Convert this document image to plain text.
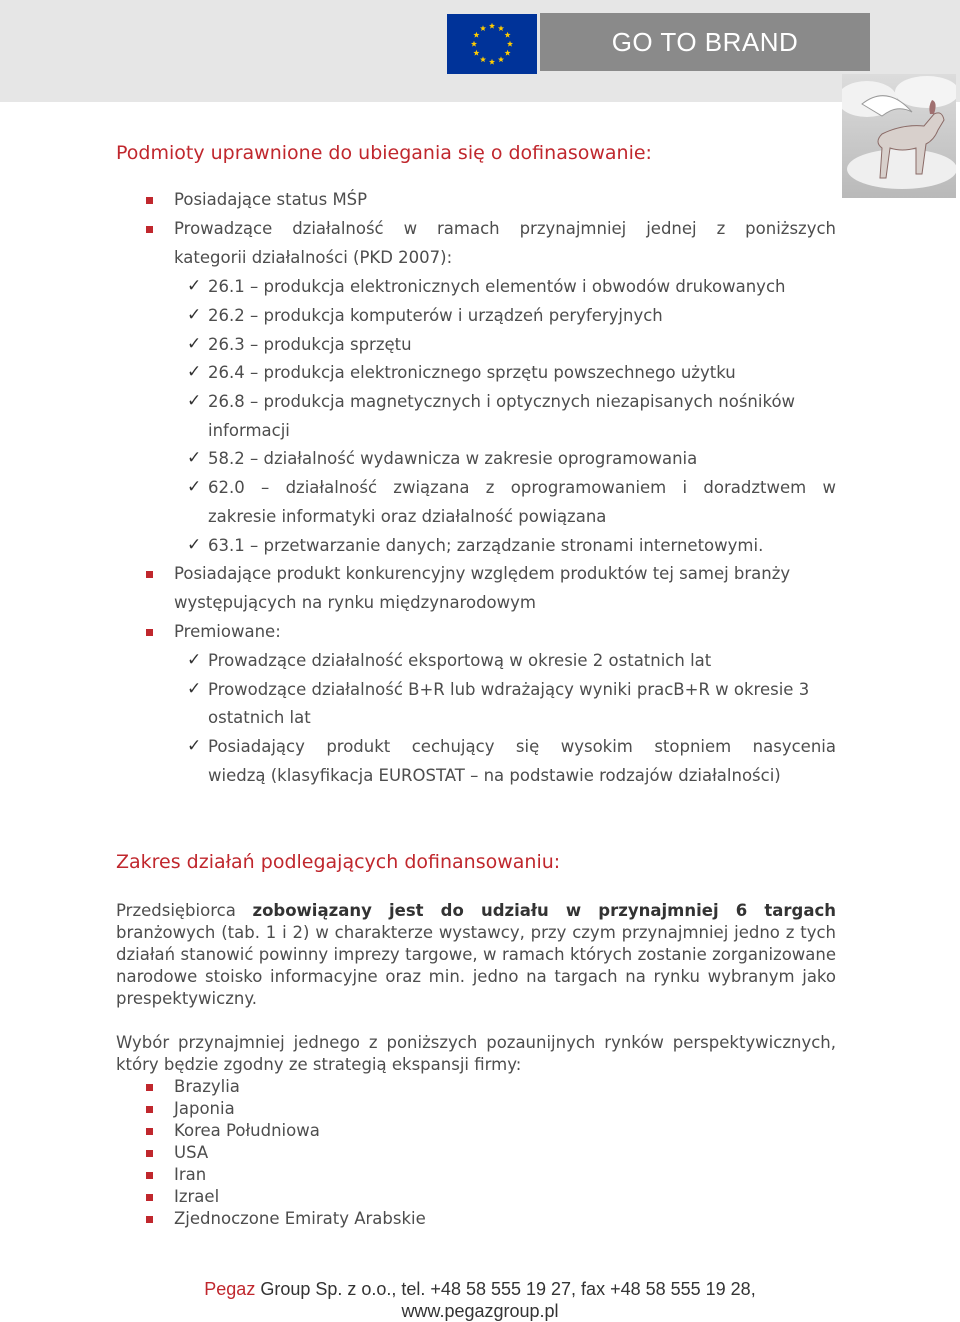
GO TO BRAND
Podmioty uprawnione do ubiegania się o dofinasowanie:
Posiadające status MŚP
Prowadzące działalność w ramach przynajmniej jednej z poniższych
kategorii działalności (PKD 2007):
✓ 26.1 – produkcja elektronicznych elementów i obwodów drukowanych
✓ 26.2 – produkcja komputerów i urządzeń peryferyjnych
✓ 26.3 – produkcja sprzętu
✓ 26.4 – produkcja elektronicznego sprzętu powszechnego użytku
✓ 26.8 – produkcja magnetycznych i optycznych niezapisanych nośników
informacji
✓ 58.2 – działalność wydawnicza w zakresie oprogramowania
✓ 62.0 – działalność związana z oprogramowaniem i doradztwem w
zakresie informatyki oraz działalność powiązana
✓ 63.1 – przetwarzanie danych; zarządzanie stronami internetowymi.
Posiadające produkt konkurencyjny względem produktów tej samej branży
występujących na rynku międzynarodowym
Premiowane:
✓ Prowadzące działalność eksportową w okresie 2 ostatnich lat
✓ Prowodzące działalność B+R lub wdrażający wyniki pracB+R w okresie 3
ostatnich lat
✓ Posiadający produkt cechujący się wysokim stopniem nasycenia
wiedzą (klasyfikacja EUROSTAT – na podstawie rodzajów działalności)
Zakres działań podlegających dofinansowaniu:
Przedsiębiorca zobowiązany jest do udziału w przynajmniej 6 targach branżowych (tab. 1 i 2) w charakterze wystawcy, przy czym przynajmniej jedno z tych działań stanowić powinny imprezy targowe, w ramach których zostanie zorganizowane narodowe stoisko informacyjne oraz min. jedno na targach na rynku wybranym jako prespektywiczny.
Wybór przynajmniej jednego z poniższych pozaunijnych rynków perspektywicznych, który będzie zgodny ze strategią ekspansji firmy:
Brazylia
Japonia
Korea Południowa
USA
Iran
Izrael
Zjednoczone Emiraty Arabskie
Pegaz Group Sp. z o.o., tel. +48 58 555 19 27, fax +48 58 555 19 28,
www.pegazgroup.pl
